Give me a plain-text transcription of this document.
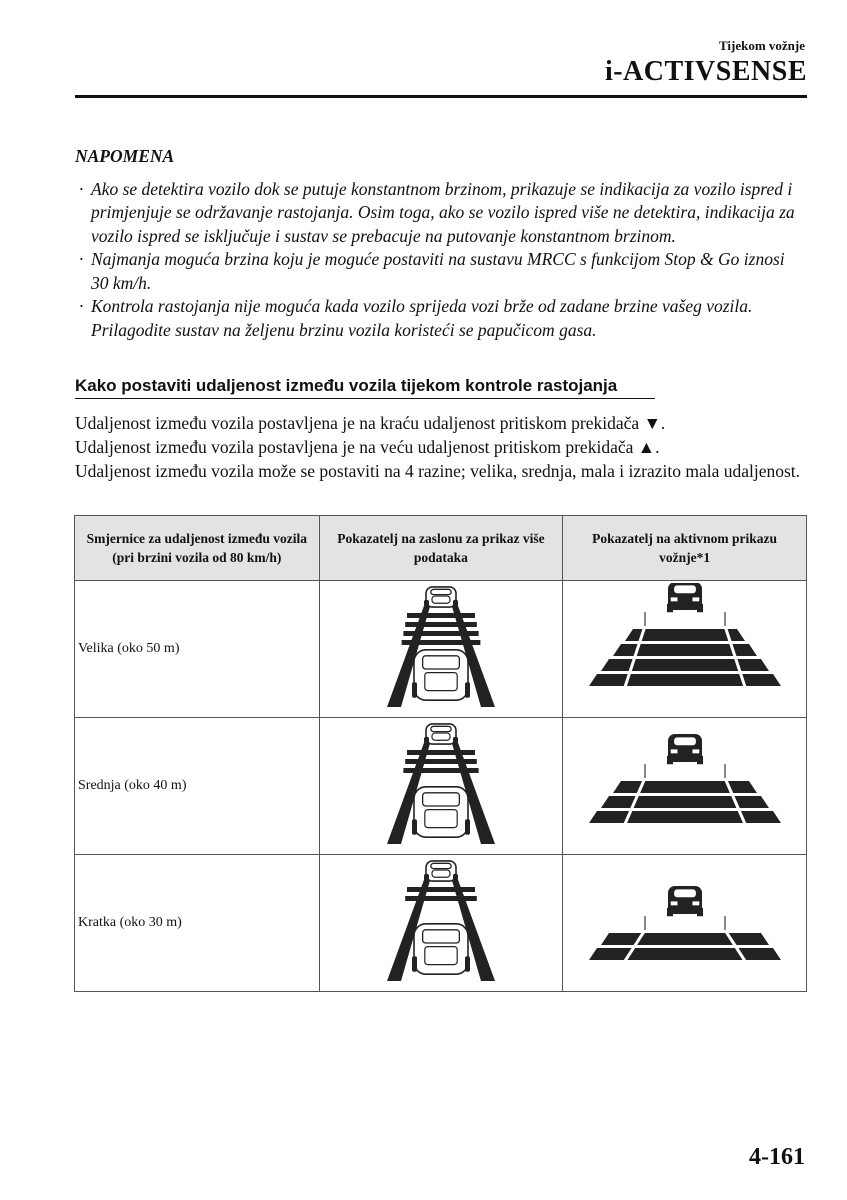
Tijekom vožnje
i-ACTIVSENSE
NAPOMENA
· Ako se detektira vozilo dok se putuje konstantnom brzinom, prikazuje se indikacija za vozilo ispred i primjenjuje se održavanje rastojanja. Osim toga, ako se vozilo ispred više ne detektira, indikacija za vozilo ispred se isključuje i sustav se prebacuje na putovanje konstantnom brzinom.
· Najmanja moguća brzina koju je moguće postaviti na sustavu MRCC s funkcijom Stop & Go iznosi 30 km/h.
· Kontrola rastojanja nije moguća kada vozilo sprijeda vozi brže od zadane brzine vašeg vozila. Prilagodite sustav na željenu brzinu vozila koristeći se papučicom gasa.
Kako postaviti udaljenost između vozila tijekom kontrole rastojanja

Udaljenost između vozila postavljena je na kraću udaljenost pritiskom prekidača ▼.

Udaljenost između vozila postavljena je na veću udaljenost pritiskom prekidača ▲.

Udaljenost između vozila može se postaviti na 4 razine; velika, srednja, mala i izrazito mala udaljenost.

Smjernice za udaljenost između vozila (pri brzini vozila od 80 km/h)	Pokazatelj na zaslonu za prikaz više podataka	Pokazatelj na aktivnom prikazu vožnje*1
Velika (oko 50 m)		
Srednja (oko 40 m)		
Kratka (oko 30 m)		
4-161
